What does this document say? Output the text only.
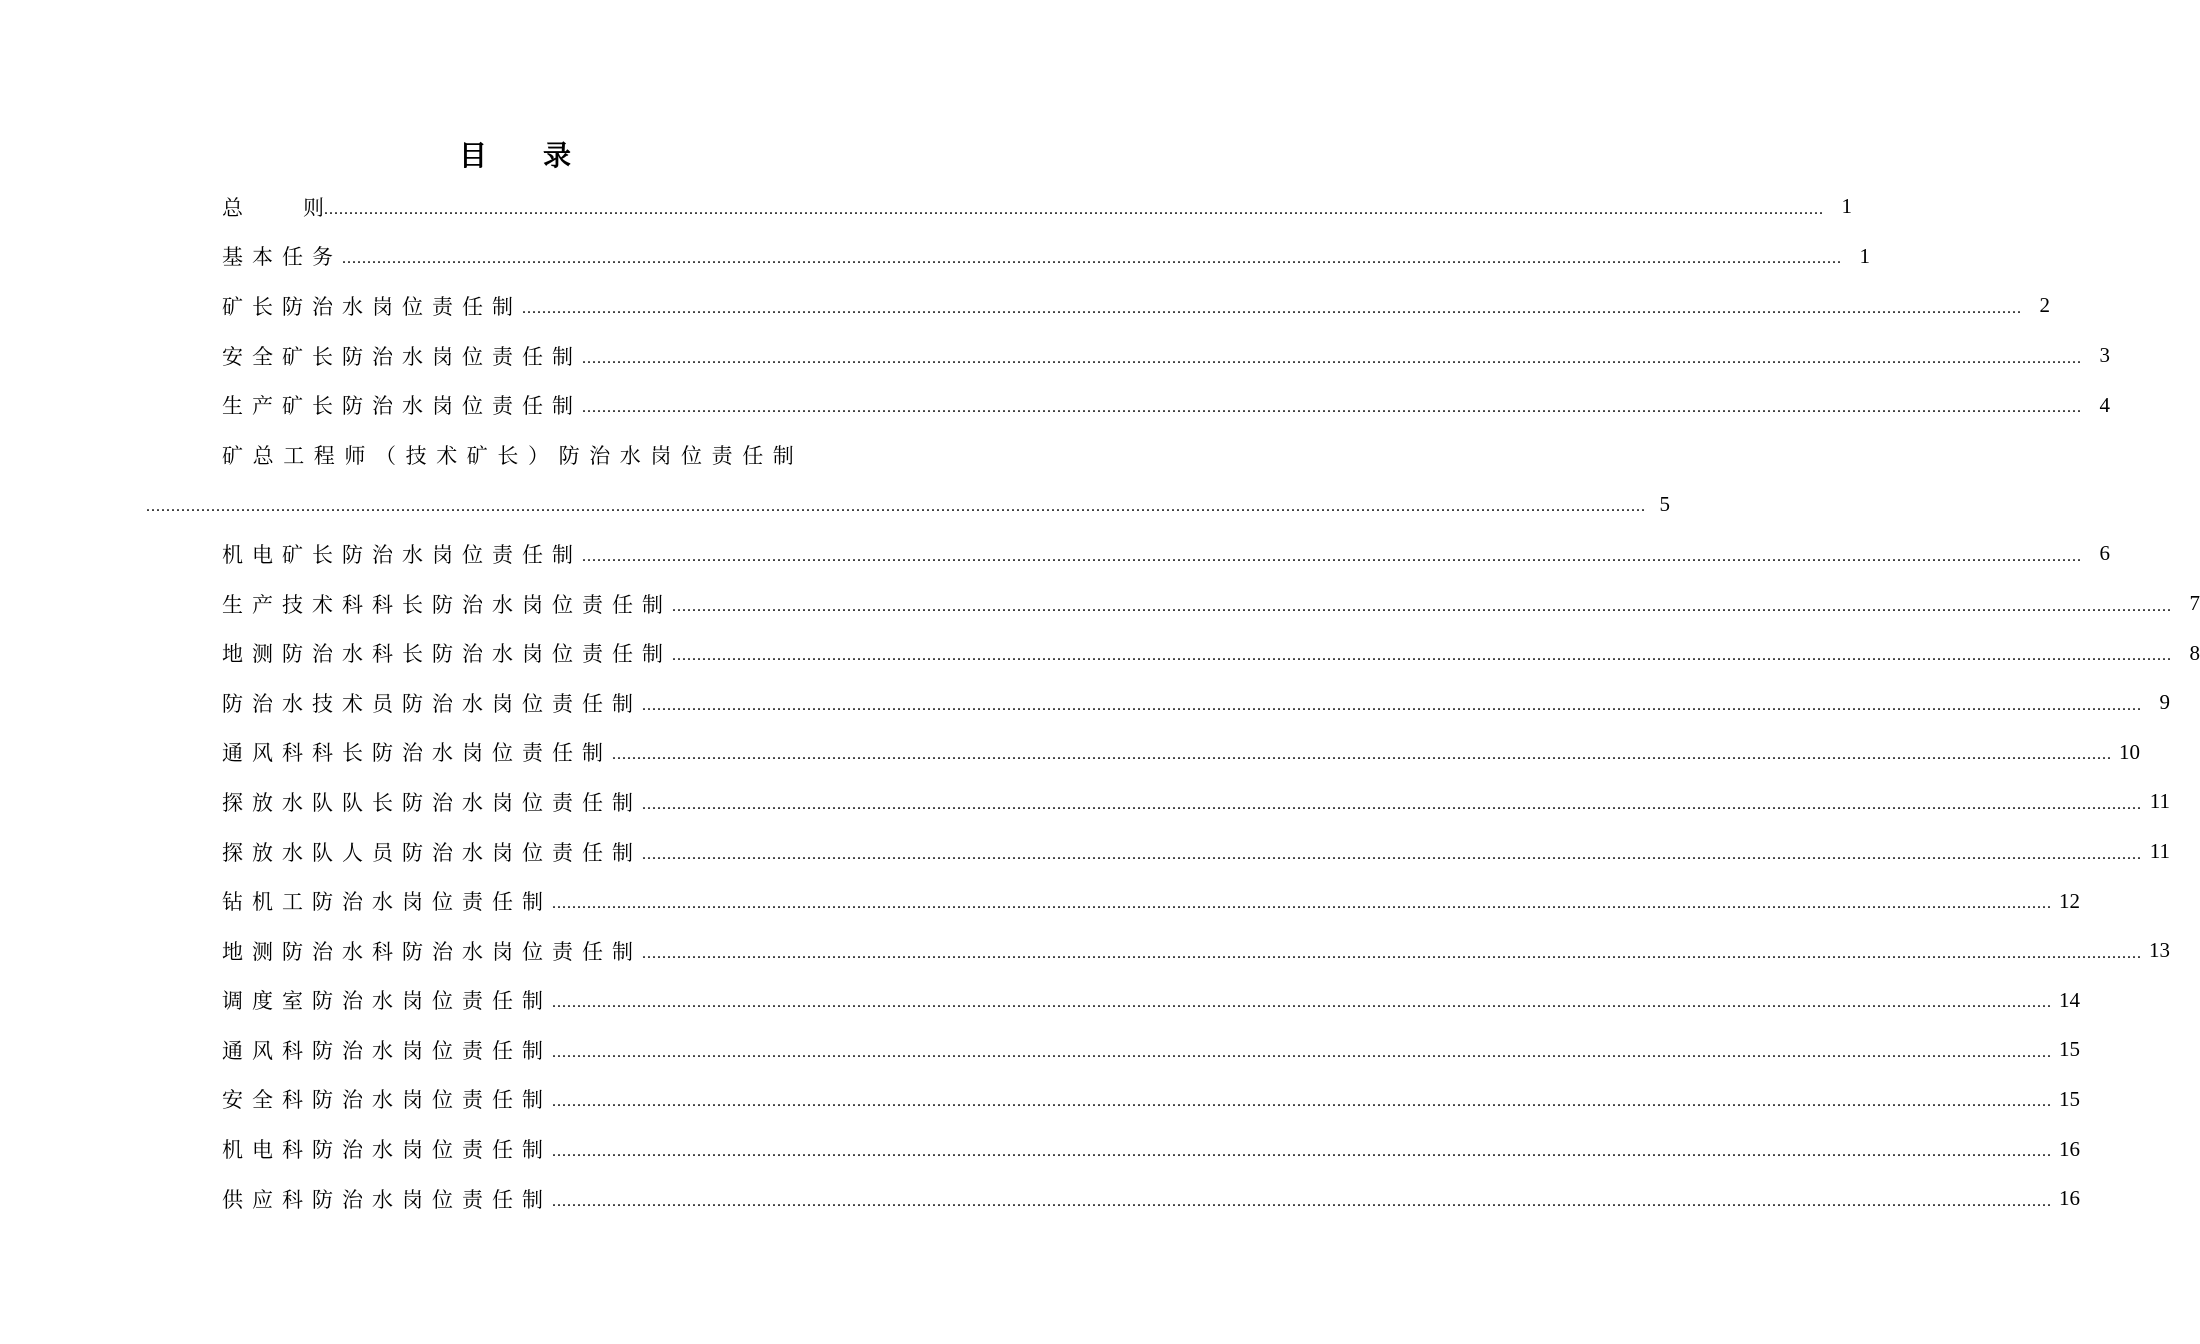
目 录
总	则 ............................................................................................................................................................................................................................................................................................................ 1
基本任务 ............................................................................................................................................................................................................................................................................................................ 1
矿长防治水岗位责任制 ............................................................................................................................................................................................................................................................................................................ 2
安全矿长防治水岗位责任制 ............................................................................................................................................................................................................................................................................................................ 3
生产矿长防治水岗位责任制 ............................................................................................................................................................................................................................................................................................................ 4
矿总工程师（技术矿长）防治水岗位责任制
............................................................................................................................................................................................................................................................................................................ 5
机电矿长防治水岗位责任制 ............................................................................................................................................................................................................................................................................................................ 6
生产技术科科长防治水岗位责任制 ............................................................................................................................................................................................................................................................................................................ 7
地测防治水科长防治水岗位责任制 ............................................................................................................................................................................................................................................................................................................ 8
防治水技术员防治水岗位责任制 ............................................................................................................................................................................................................................................................................................................ 9
通风科科长防治水岗位责任制 ............................................................................................................................................................................................................................................................................................................ 10
探放水队队长防治水岗位责任制 ............................................................................................................................................................................................................................................................................................................ 11
探放水队人员防治水岗位责任制 ............................................................................................................................................................................................................................................................................................................ 11
钻机工防治水岗位责任制 ............................................................................................................................................................................................................................................................................................................ 12
地测防治水科防治水岗位责任制 ............................................................................................................................................................................................................................................................................................................ 13
调度室防治水岗位责任制 ............................................................................................................................................................................................................................................................................................................ 14
通风科防治水岗位责任制 ............................................................................................................................................................................................................................................................................................................ 15
安全科防治水岗位责任制 ............................................................................................................................................................................................................................................................................................................ 15
机电科防治水岗位责任制 ............................................................................................................................................................................................................................................................................................................ 16
供应科防治水岗位责任制 ............................................................................................................................................................................................................................................................................................................ 16
